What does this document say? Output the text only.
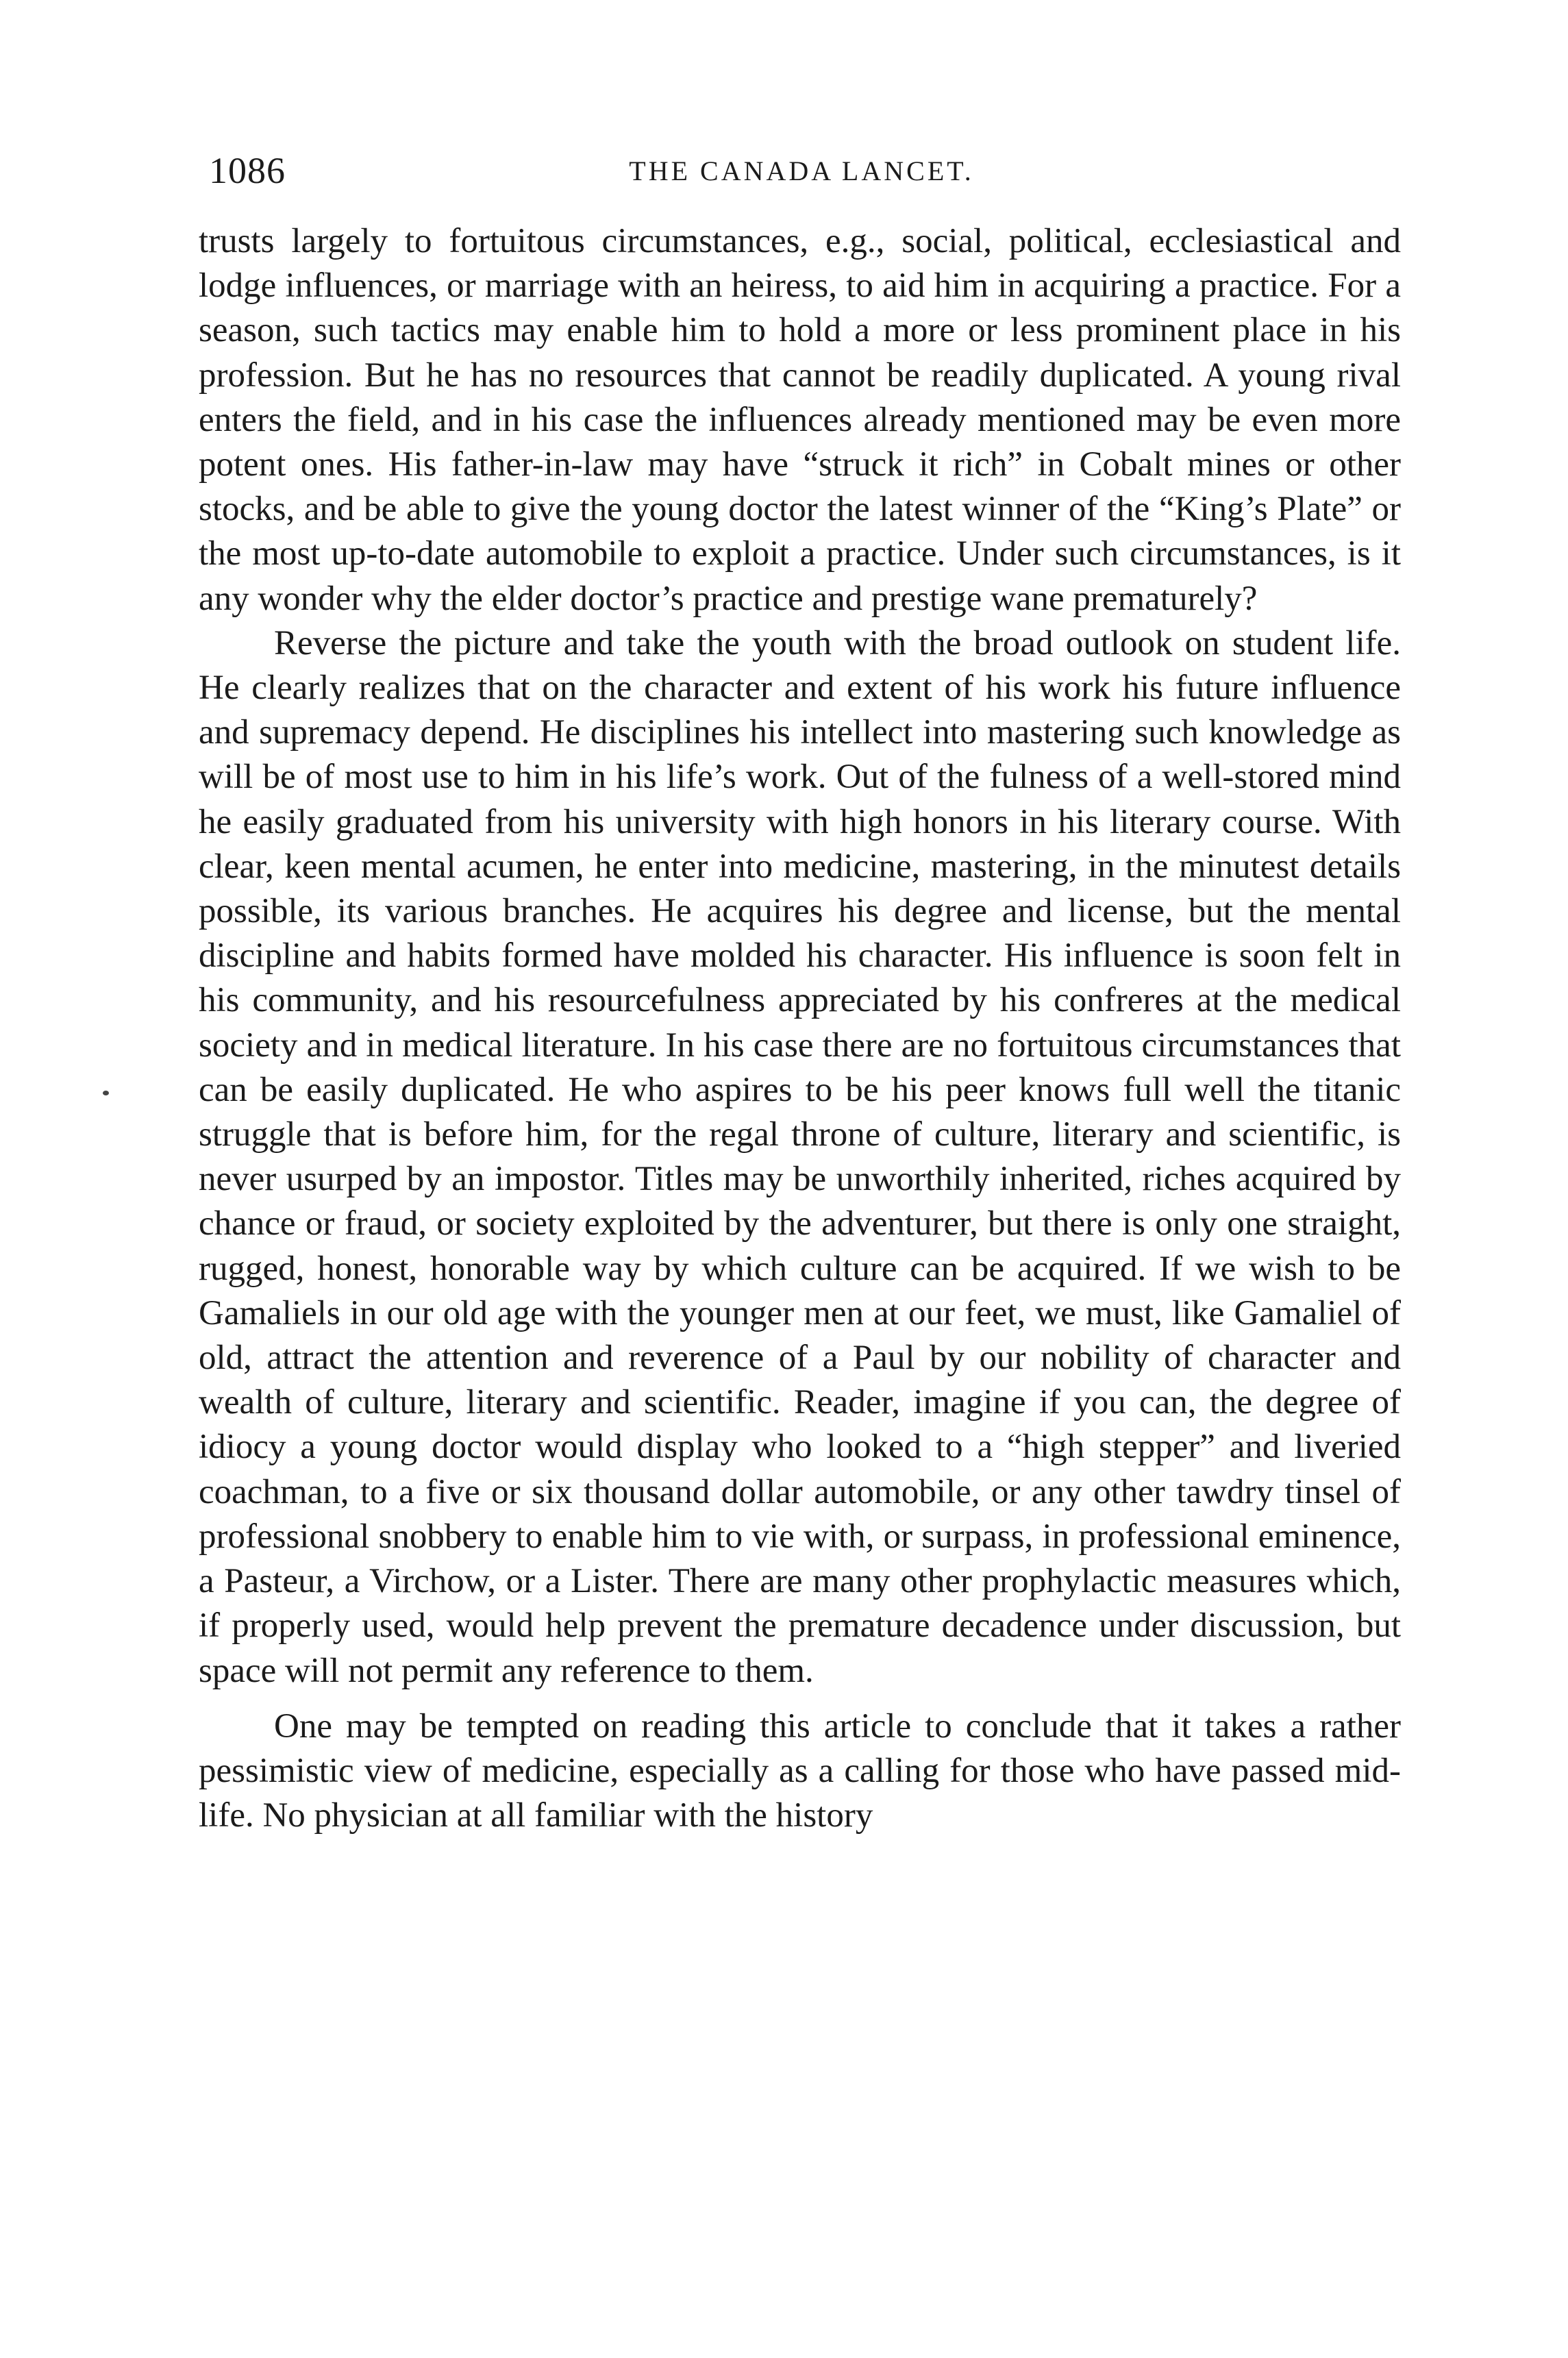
1086	THE CANADA LANCET.

trusts largely to fortuitous circumstances, e.g., social, political, ecclesiastical and lodge influences, or marriage with an heiress, to aid him in acquiring a practice. For a season, such tactics may enable him to hold a more or less prominent place in his profession. But he has no resources that cannot be readily duplicated. A young rival enters the field, and in his case the influences already mentioned may be even more potent ones. His father-in-law may have “struck it rich” in Cobalt mines or other stocks, and be able to give the young doctor the latest winner of the “King’s Plate” or the most up-to-date automobile to exploit a practice. Under such circumstances, is it any wonder why the elder doctor’s practice and prestige wane prematurely?

Reverse the picture and take the youth with the broad outlook on student life. He clearly realizes that on the character and extent of his work his future influence and supremacy depend. He disciplines his intellect into mastering such knowledge as will be of most use to him in his life’s work. Out of the fulness of a well-stored mind he easily graduated from his university with high honors in his literary course. With clear, keen mental acumen, he enter into medicine, mastering, in the minutest details possible, its various branches. He acquires his degree and license, but the mental discipline and habits formed have molded his character. His influence is soon felt in his community, and his resourcefulness appreciated by his confreres at the medical society and in medical literature. In his case there are no fortuitous circumstances that can be easily duplicated. He who aspires to be his peer knows full well the titanic struggle that is before him, for the regal throne of culture, literary and scientific, is never usurped by an impostor. Titles may be unworthily inherited, riches acquired by chance or fraud, or society exploited by the adventurer, but there is only one straight, rugged, honest, honorable way by which culture can be acquired. If we wish to be Gamaliels in our old age with the younger men at our feet, we must, like Gamaliel of old, attract the attention and reverence of a Paul by our nobility of character and wealth of culture, literary and scientific. Reader, imagine if you can, the degree of idiocy a young doctor would display who looked to a “high stepper” and liveried coachman, to a five or six thousand dollar automobile, or any other tawdry tinsel of professional snobbery to enable him to vie with, or surpass, in professional eminence, a Pasteur, a Virchow, or a Lister. There are many other prophylactic measures which, if properly used, would help prevent the premature decadence under discussion, but space will not permit any reference to them.

One may be tempted on reading this article to conclude that it takes a rather pessimistic view of medicine, especially as a calling for those who have passed mid-life. No physician at all familiar with the history
